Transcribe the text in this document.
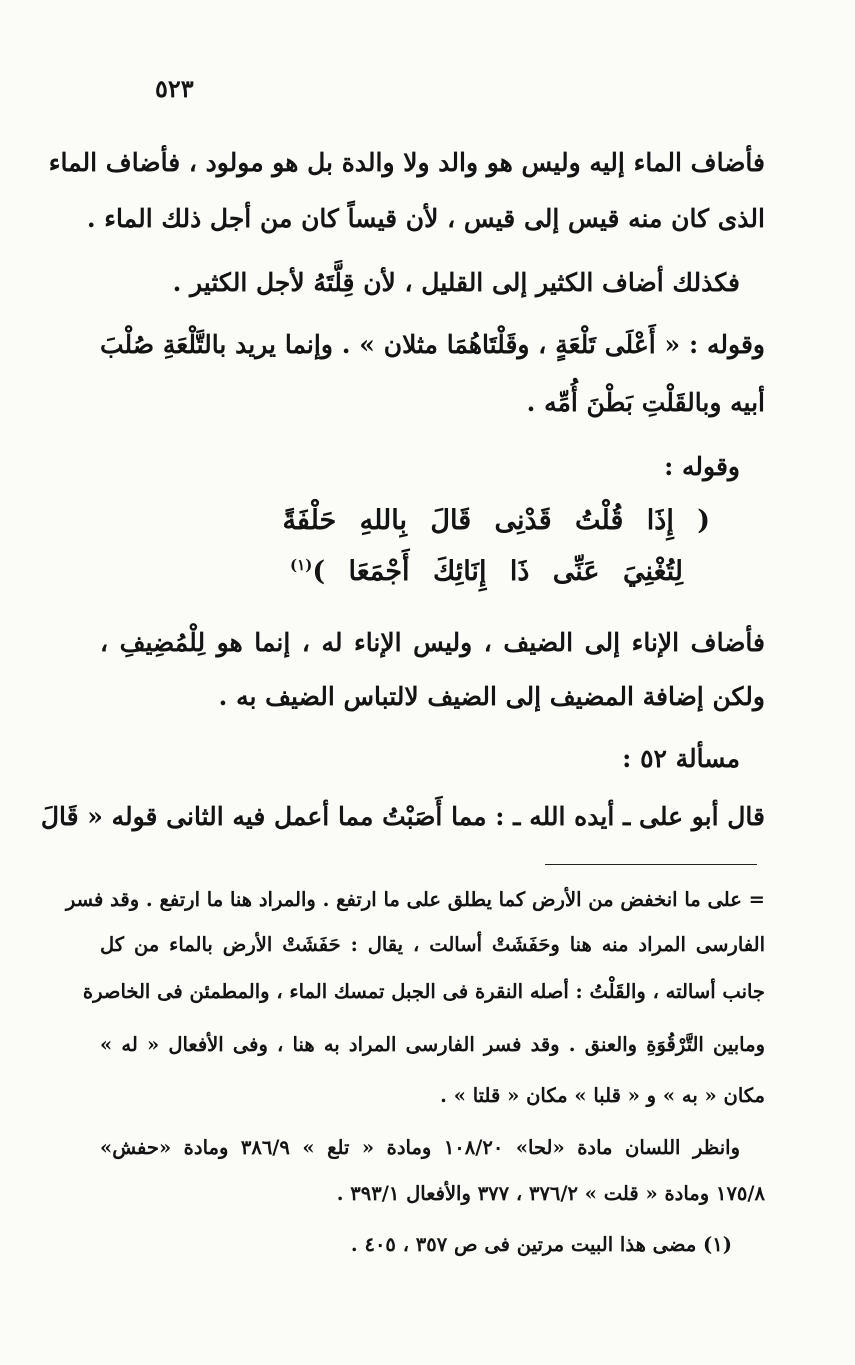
٥٢٣
فأضاف الماء إليه وليس هو والد ولا والدة بل هو مولود ، فأضاف الماء
الذى كان منه قيس إلى قيس ، لأن قيساً كان من أجل ذلك الماء .
فكذلك أضاف الكثير إلى القليل ، لأن قِلَّتَهُ لأجل الكثير .
وقوله : « أَعْلَى تَلْعَةٍ ، وقَلْتَاهُمَا مثلان » . وإنما يريد بالتَّلْعَةِ صُلْبَ
أبيه وبالقَلْتِ بَطْنَ أُمِّه .
وقوله :
( إِذَا قُلْتُ قَدْنِى قَالَ بِاللهِ حَلْفَةً
لِتُغْنِيَ عَنِّى ذَا إِنَائِكَ أَجْمَعَا )$^{(١)}$
فأضاف الإناء إلى الضيف ، وليس الإناء له ، إنما هو لِلْمُضِيفِ ،
ولكن إضافة المضيف إلى الضيف لالتباس الضيف به .
مسألة ٥٢ :
قال أبو على ـ أيده الله ـ : مما أَصَبْتُ مما أعمل فيه الثانى قوله « قَالَ
= على ما انخفض من الأرض كما يطلق على ما ارتفع . والمراد هنا ما ارتفع . وقد فسر
الفارسى المراد منه هنا وحَفَشَتْ أسالت ، يقال : حَفَشَتْ الأرض بالماء من كل
جانب أسالته ، والقَلْتُ : أصله النقرة فى الجبل تمسك الماء ، والمطمئن فى الخاصرة
ومابين التَّرْقُوَةِ والعنق . وقد فسر الفارسى المراد به هنا ، وفى الأفعال « له »
مكان « به » و « قلبا » مكان « قلتا » .
وانظر اللسان مادة «لحا» ١٠٨/٢٠ ومادة « تلع » ٣٨٦/٩ ومادة «حفش»
١٧٥/٨ ومادة « قلت » ٣٧٦/٢ ، ٣٧٧ والأفعال ٣٩٣/١ .
(١) مضى هذا البيت مرتين فى ص ٣٥٧ ، ٤٠٥ .
